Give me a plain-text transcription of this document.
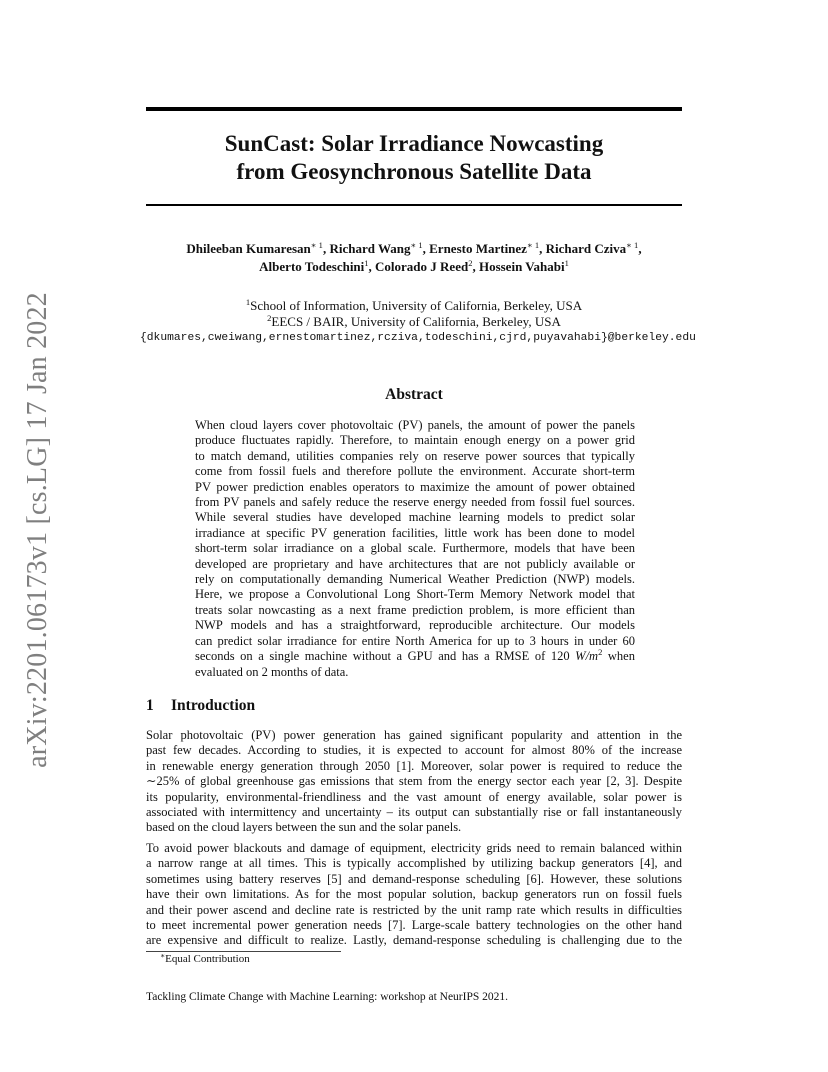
arXiv:2201.06173v1 [cs.LG] 17 Jan 2022
SunCast: Solar Irradiance Nowcasting
from Geosynchronous Satellite Data
Dhileeban Kumaresan$^{∗ 1}$, Richard Wang$^{∗ 1}$, Ernesto Martinez$^{∗ 1}$, Richard Cziva$^{∗ 1}$,
Alberto Todeschini$^1$, Colorado J Reed$^2$, Hossein Vahabi$^1$
$^1$School of Information, University of California, Berkeley, USA
$^2$EECS / BAIR, University of California, Berkeley, USA
{dkumares,cweiwang,ernestomartinez,rcziva,todeschini,cjrd,puyavahabi}@berkeley.edu
Abstract
When cloud layers cover photovoltaic (PV) panels, the amount of power the panels
produce fluctuates rapidly. Therefore, to maintain enough energy on a power grid
to match demand, utilities companies rely on reserve power sources that typically
come from fossil fuels and therefore pollute the environment. Accurate short-term
PV power prediction enables operators to maximize the amount of power obtained
from PV panels and safely reduce the reserve energy needed from fossil fuel sources.
While several studies have developed machine learning models to predict solar
irradiance at specific PV generation facilities, little work has been done to model
short-term solar irradiance on a global scale. Furthermore, models that have been
developed are proprietary and have architectures that are not publicly available or
rely on computationally demanding Numerical Weather Prediction (NWP) models.
Here, we propose a Convolutional Long Short-Term Memory Network model that
treats solar nowcasting as a next frame prediction problem, is more efficient than
NWP models and has a straightforward, reproducible architecture. Our models
can predict solar irradiance for entire North America for up to 3 hours in under 60
seconds on a single machine without a GPU and has a RMSE of 120 $W/m^2$ when
evaluated on 2 months of data.
1 Introduction
Solar photovoltaic (PV) power generation has gained significant popularity and attention in the
past few decades. According to studies, it is expected to account for almost 80% of the increase
in renewable energy generation through 2050 [1]. Moreover, solar power is required to reduce the
∼25% of global greenhouse gas emissions that stem from the energy sector each year [2, 3]. Despite
its popularity, environmental-friendliness and the vast amount of energy available, solar power is
associated with intermittency and uncertainty – its output can substantially rise or fall instantaneously
based on the cloud layers between the sun and the solar panels.
To avoid power blackouts and damage of equipment, electricity grids need to remain balanced within
a narrow range at all times. This is typically accomplished by utilizing backup generators [4], and
sometimes using battery reserves [5] and demand-response scheduling [6]. However, these solutions
have their own limitations. As for the most popular solution, backup generators run on fossil fuels
and their power ascend and decline rate is restricted by the unit ramp rate which results in difficulties
to meet incremental power generation needs [7]. Large-scale battery technologies on the other hand
are expensive and difficult to realize. Lastly, demand-response scheduling is challenging due to the
∗Equal Contribution
Tackling Climate Change with Machine Learning: workshop at NeurIPS 2021.
